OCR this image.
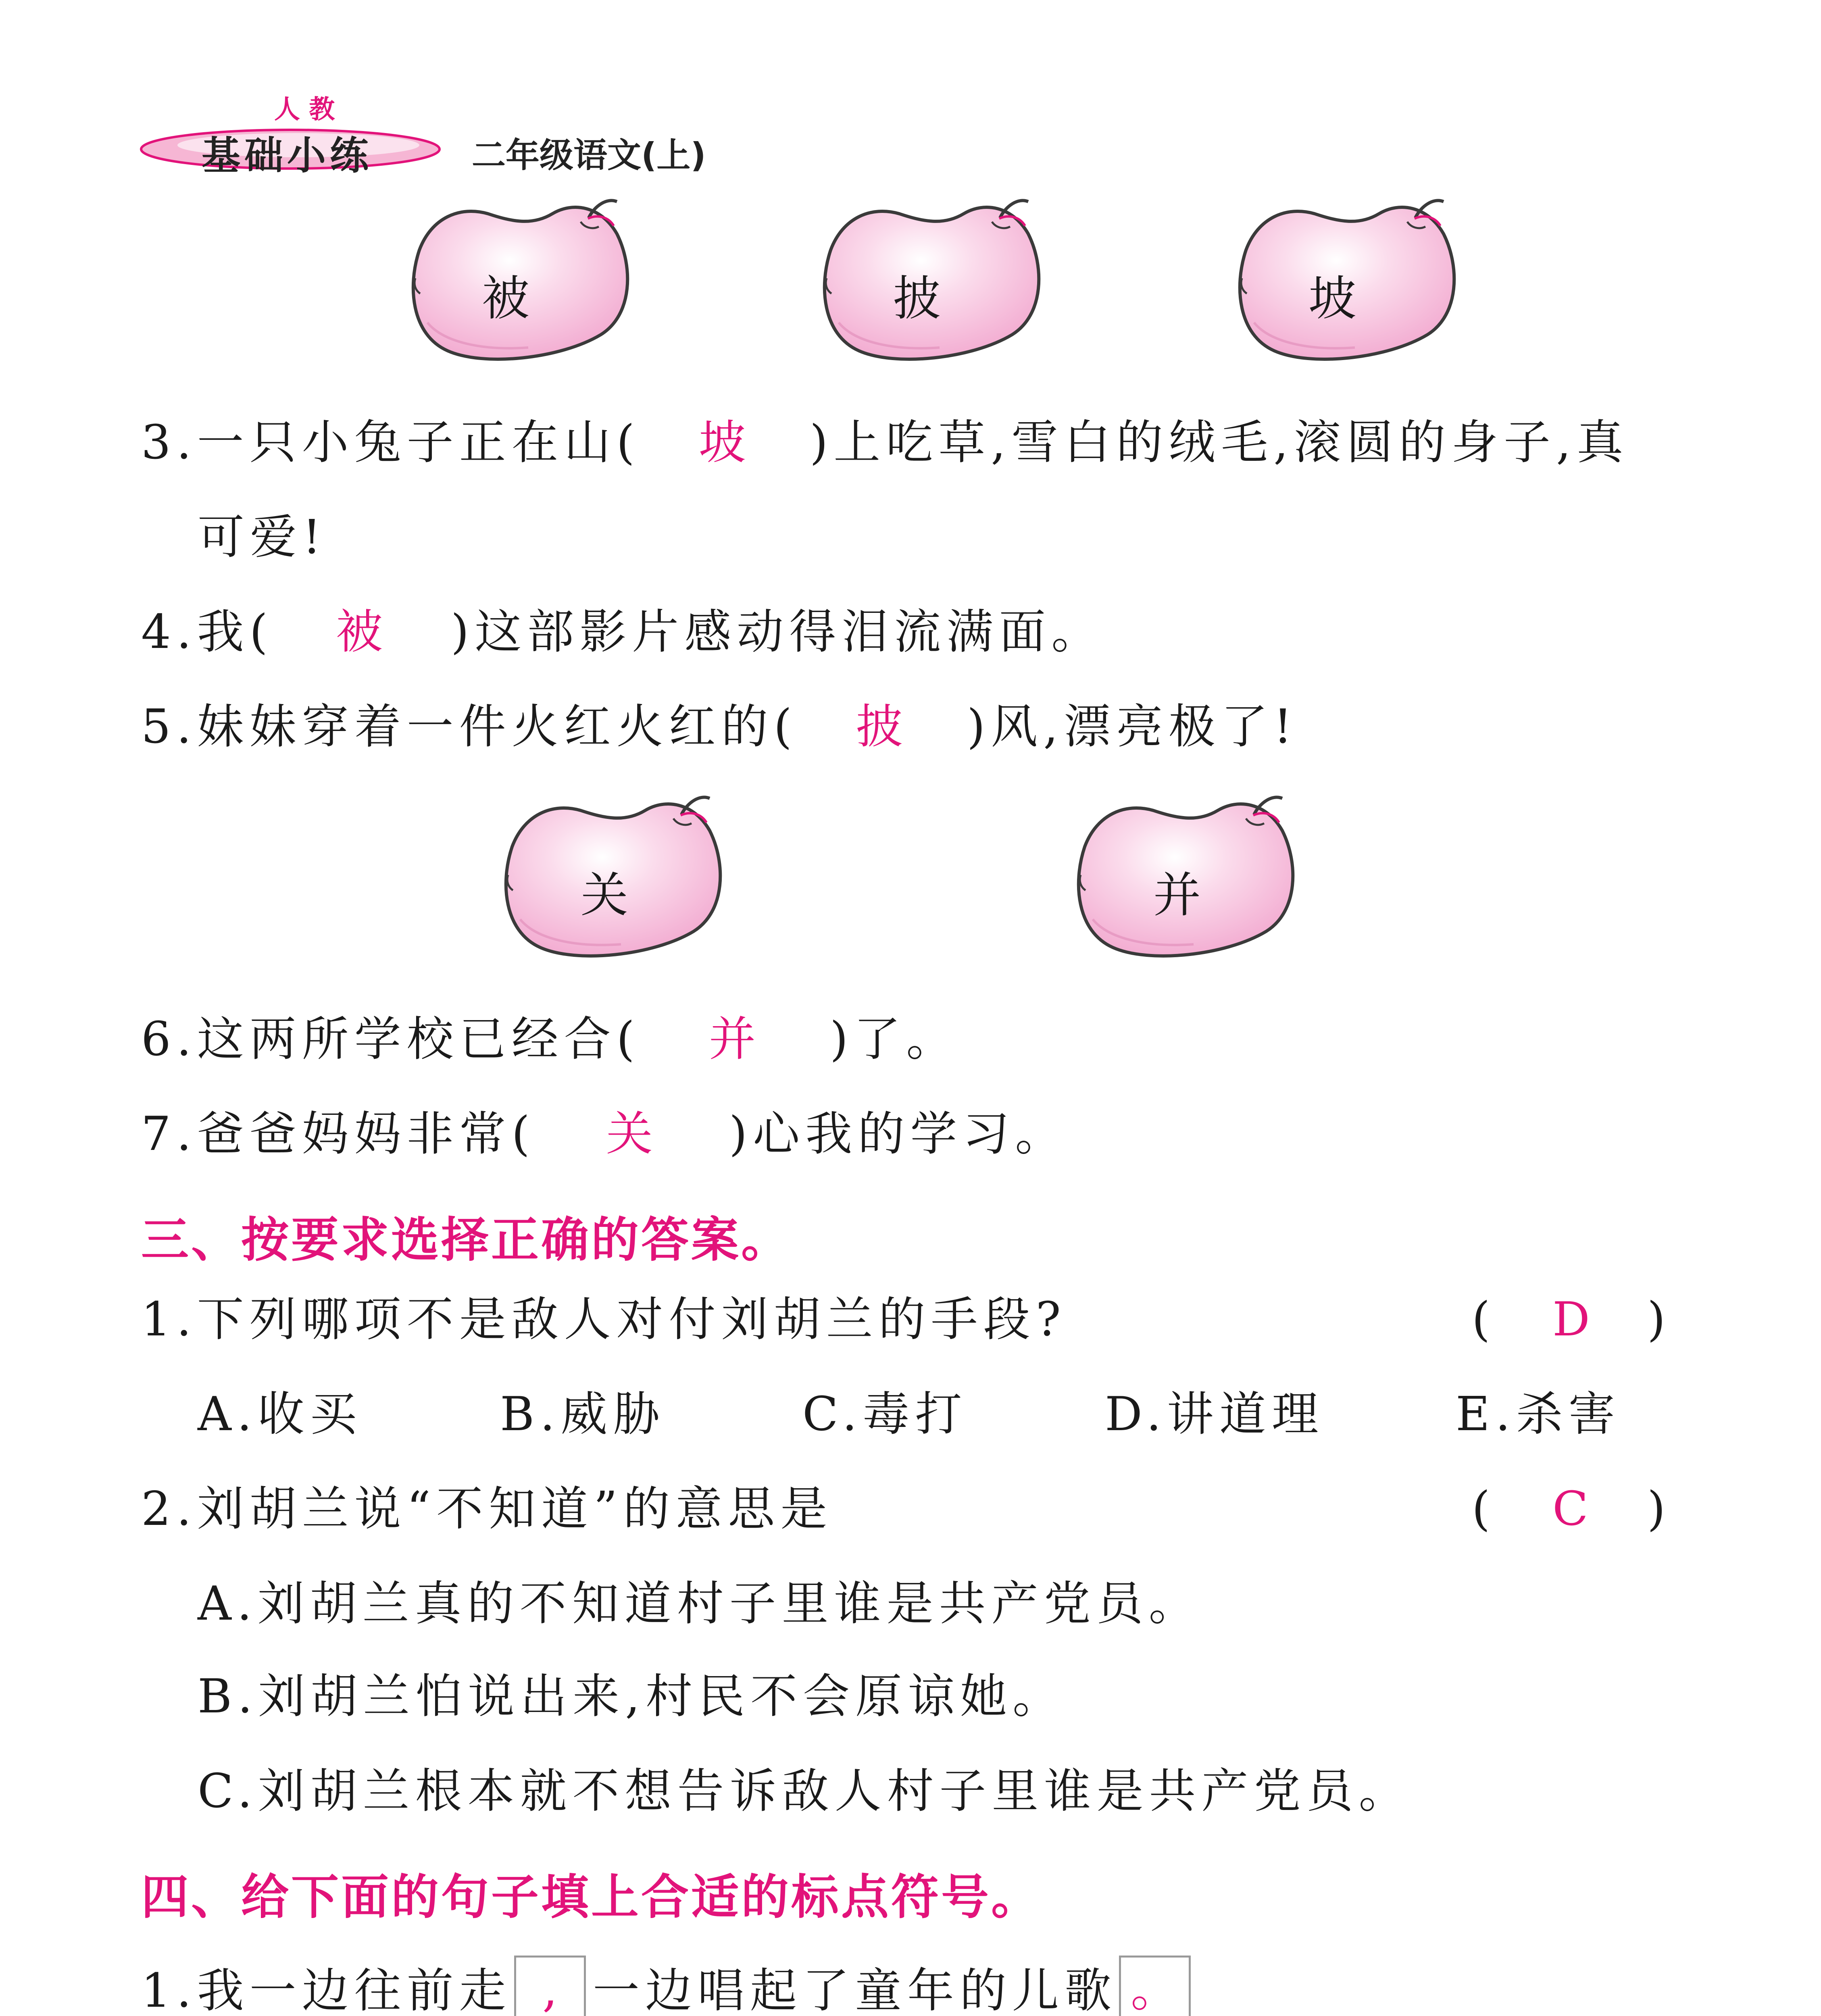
人 教
基础小练	二年级语文(上)
被	披	坡
3.一只小兔子正在山( 坡 )上吃草,雪白的绒毛,滚圆的身子,真
可爱!
4.我( 被 )这部影片感动得泪流满面。
5.妹妹穿着一件火红火红的( 披 )风,漂亮极了!
关	并
6.这两所学校已经合( 并 )了。
7.爸爸妈妈非常( 关 )心我的学习。
三、按要求选择正确的答案。
1.下列哪项不是敌人对付刘胡兰的手段?	( D )
A.收买	B.威胁	C.毒打	D.讲道理	E.杀害
2.刘胡兰说“不知道”的意思是	( C )
A.刘胡兰真的不知道村子里谁是共产党员。
B.刘胡兰怕说出来,村民不会原谅她。
C.刘胡兰根本就不想告诉敌人村子里谁是共产党员。
四、给下面的句子填上合适的标点符号。
1.我一边往前走 , 一边唱起了童年的儿歌 。
